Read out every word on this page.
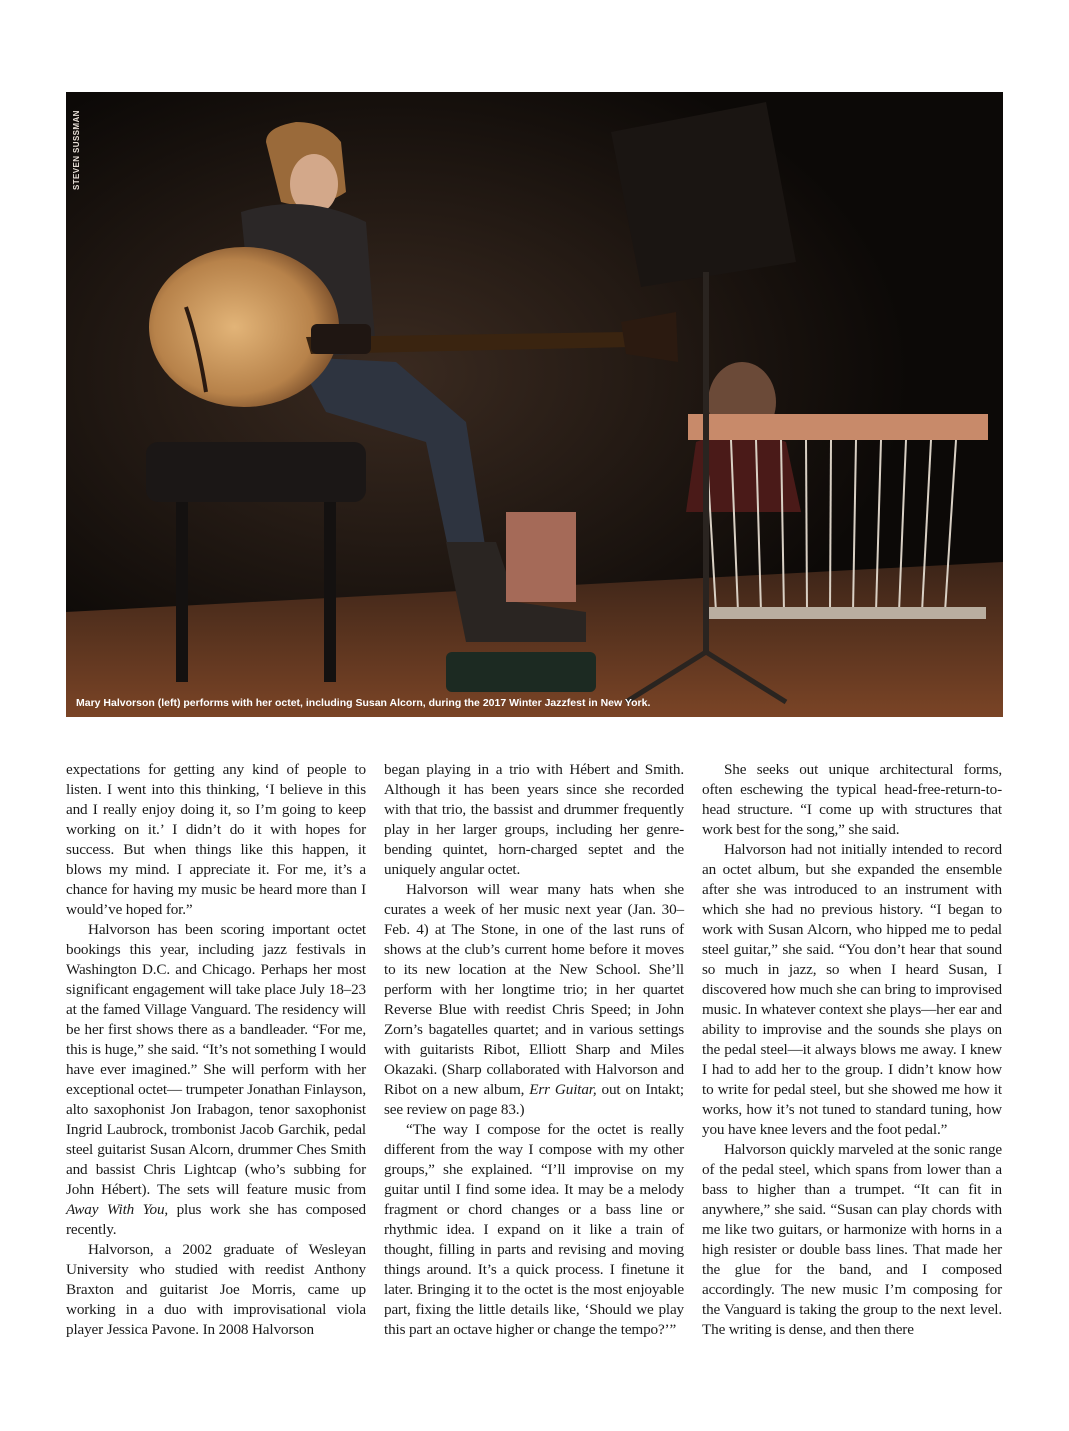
STEVEN SUSSMAN
Mary Halvorson (left) performs with her octet, including Susan Alcorn, during the 2017 Winter Jazzfest in New York.

expectations for getting any kind of people to listen. I went into this thinking, ‘I believe in this and I really enjoy doing it, so I’m going to keep working on it.’ I didn’t do it with hopes for success. But when things like this happen, it blows my mind. I appreciate it. For me, it’s a chance for having my music be heard more than I would’ve hoped for.”

Halvorson has been scoring important octet bookings this year, including jazz festivals in Washington D.C. and Chicago. Perhaps her most significant engagement will take place July 18–23 at the famed Village Vanguard. The residency will be her first shows there as a bandleader. “For me, this is huge,” she said. “It’s not something I would have ever imagined.” She will perform with her exceptional octet— trumpeter Jonathan Finlayson, alto saxophonist Jon Irabagon, tenor saxophonist Ingrid Laubrock, trombonist Jacob Garchik, pedal steel guitarist Susan Alcorn, drummer Ches Smith and bassist Chris Lightcap (who’s subbing for John Hébert). The sets will feature music from Away With You, plus work she has composed recently.

Halvorson, a 2002 graduate of Wesleyan University who studied with reedist Anthony Braxton and guitarist Joe Morris, came up working in a duo with improvisational viola player Jessica Pavone. In 2008 Halvorson

began playing in a trio with Hébert and Smith. Although it has been years since she recorded with that trio, the bassist and drummer frequently play in her larger groups, including her genre-bending quintet, horn-charged septet and the uniquely angular octet.

Halvorson will wear many hats when she curates a week of her music next year (Jan. 30–Feb. 4) at The Stone, in one of the last runs of shows at the club’s current home before it moves to its new location at the New School. She’ll perform with her longtime trio; in her quartet Reverse Blue with reedist Chris Speed; in John Zorn’s bagatelles quartet; and in various settings with guitarists Ribot, Elliott Sharp and Miles Okazaki. (Sharp collaborated with Halvorson and Ribot on a new album, Err Guitar, out on Intakt; see review on page 83.)

“The way I compose for the octet is really different from the way I compose with my other groups,” she explained. “I’ll improvise on my guitar until I find some idea. It may be a melody fragment or chord changes or a bass line or rhythmic idea. I expand on it like a train of thought, filling in parts and revising and moving things around. It’s a quick process. I finetune it later. Bringing it to the octet is the most enjoyable part, fixing the little details like, ‘Should we play this part an octave higher or change the tempo?’”

She seeks out unique architectural forms, often eschewing the typical head-free-return-to-head structure. “I come up with structures that work best for the song,” she said.

Halvorson had not initially intended to record an octet album, but she expanded the ensemble after she was introduced to an instrument with which she had no previous history. “I began to work with Susan Alcorn, who hipped me to pedal steel guitar,” she said. “You don’t hear that sound so much in jazz, so when I heard Susan, I discovered how much she can bring to improvised music. In whatever context she plays—her ear and ability to improvise and the sounds she plays on the pedal steel—it always blows me away. I knew I had to add her to the group. I didn’t know how to write for pedal steel, but she showed me how it works, how it’s not tuned to standard tuning, how you have knee levers and the foot pedal.”

Halvorson quickly marveled at the sonic range of the pedal steel, which spans from lower than a bass to higher than a trumpet. “It can fit in anywhere,” she said. “Susan can play chords with me like two guitars, or harmonize with horns in a high resister or double bass lines. That made her the glue for the band, and I composed accordingly. The new music I’m composing for the Vanguard is taking the group to the next level. The writing is dense, and then there
